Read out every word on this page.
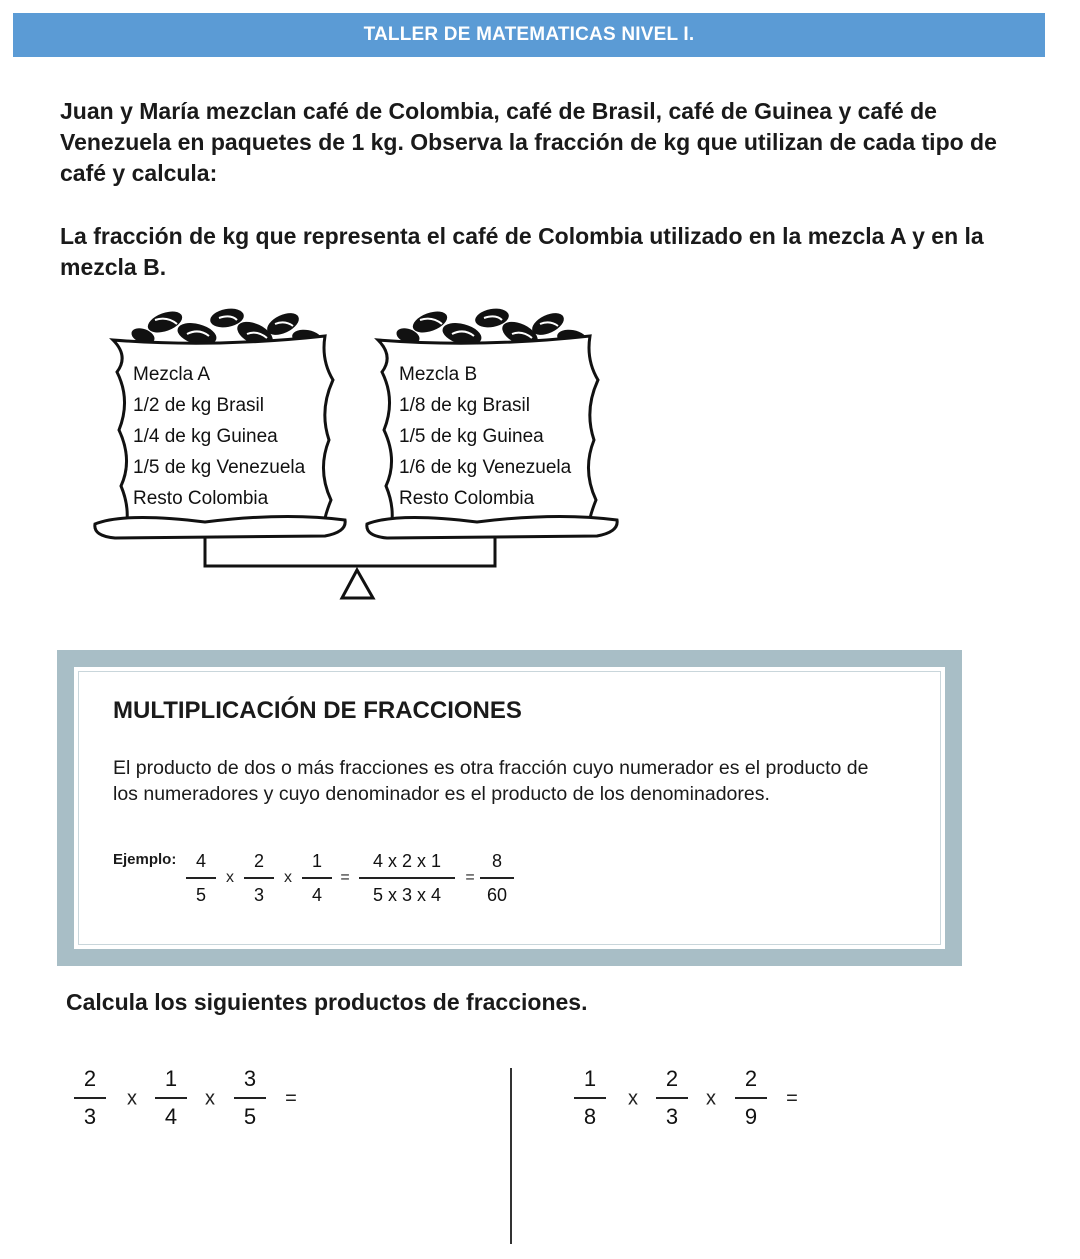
TALLER DE MATEMATICAS NIVEL I.
Juan y María mezclan café de Colombia, café de Brasil, café de Guinea y café de Venezuela en paquetes de 1 kg. Observa la fracción de kg que utilizan de cada tipo de café y calcula:
La fracción de kg que representa el café de Colombia utilizado en la mezcla A y en la mezcla B.
Mezcla A
1/2 de kg Brasil
1/4 de kg Guinea
1/5 de kg Venezuela
Resto Colombia
Mezcla B
1/8 de kg Brasil
1/5 de kg Guinea
1/6 de kg Venezuela
Resto Colombia
MULTIPLICACIÓN DE FRACCIONES
El producto de dos o más fracciones es otra fracción cuyo numerador es el producto de los numeradores y cuyo denominador es el producto de los denominadores.
Ejemplo: 4
5
x
2
3
x
1
4
=
4 x 2 x 1
5 x 3 x 4
=
8
60
Calcula los siguientes productos de fracciones.
2
3
x
1
4
x
3
5
=
1
8
x
2
3
x
2
9
=
